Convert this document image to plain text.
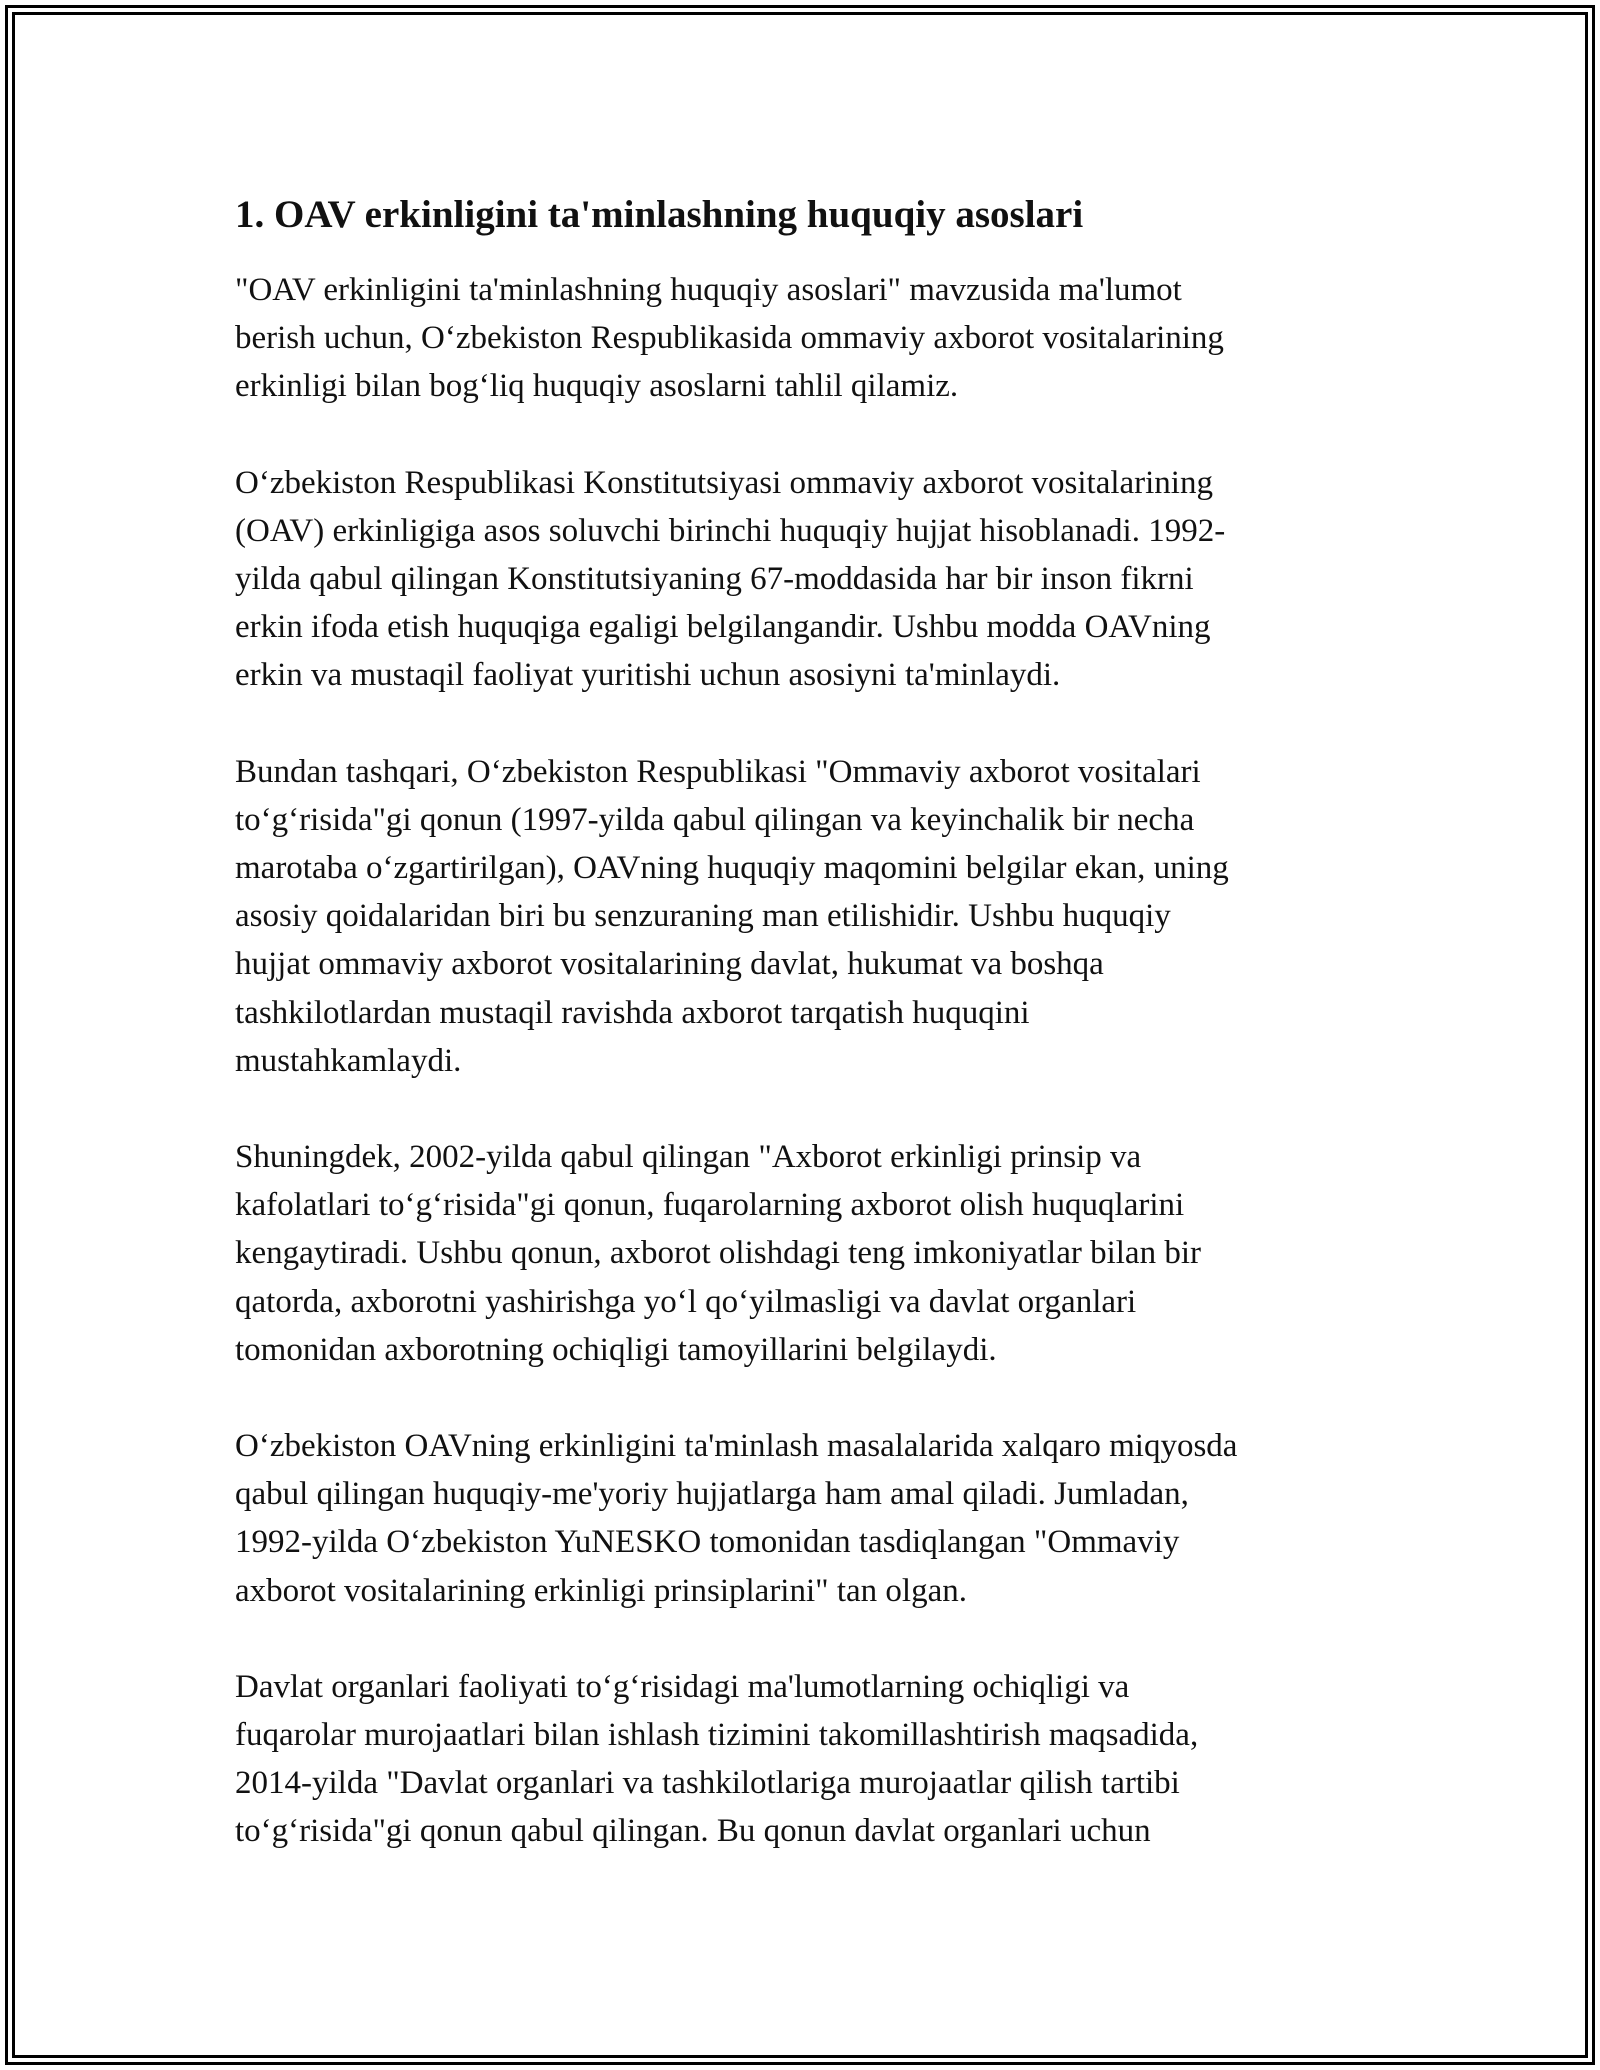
1. OAV erkinligini ta'minlashning huquqiy asoslari

"OAV erkinligini ta'minlashning huquqiy asoslari" mavzusida ma'lumot
berish uchun, O‘zbekiston Respublikasida ommaviy axborot vositalarining
erkinligi bilan bog‘liq huquqiy asoslarni tahlil qilamiz.

O‘zbekiston Respublikasi Konstitutsiyasi ommaviy axborot vositalarining
(OAV) erkinligiga asos soluvchi birinchi huquqiy hujjat hisoblanadi. 1992-
yilda qabul qilingan Konstitutsiyaning 67-moddasida har bir inson fikrni
erkin ifoda etish huquqiga egaligi belgilangandir. Ushbu modda OAVning
erkin va mustaqil faoliyat yuritishi uchun asosiyni ta'minlaydi.

Bundan tashqari, O‘zbekiston Respublikasi "Ommaviy axborot vositalari
to‘g‘risida"gi qonun (1997-yilda qabul qilingan va keyinchalik bir necha
marotaba o‘zgartirilgan), OAVning huquqiy maqomini belgilar ekan, uning
asosiy qoidalaridan biri bu senzuraning man etilishidir. Ushbu huquqiy
hujjat ommaviy axborot vositalarining davlat, hukumat va boshqa
tashkilotlardan mustaqil ravishda axborot tarqatish huquqini
mustahkamlaydi.

Shuningdek, 2002-yilda qabul qilingan "Axborot erkinligi prinsip va
kafolatlari to‘g‘risida"gi qonun, fuqarolarning axborot olish huquqlarini
kengaytiradi. Ushbu qonun, axborot olishdagi teng imkoniyatlar bilan bir
qatorda, axborotni yashirishga yo‘l qo‘yilmasligi va davlat organlari
tomonidan axborotning ochiqligi tamoyillarini belgilaydi.

O‘zbekiston OAVning erkinligini ta'minlash masalalarida xalqaro miqyosda
qabul qilingan huquqiy-me'yoriy hujjatlarga ham amal qiladi. Jumladan,
1992-yilda O‘zbekiston YuNESKO tomonidan tasdiqlangan "Ommaviy
axborot vositalarining erkinligi prinsiplarini" tan olgan.

Davlat organlari faoliyati to‘g‘risidagi ma'lumotlarning ochiqligi va
fuqarolar murojaatlari bilan ishlash tizimini takomillashtirish maqsadida,
2014-yilda "Davlat organlari va tashkilotlariga murojaatlar qilish tartibi
to‘g‘risida"gi qonun qabul qilingan. Bu qonun davlat organlari uchun
